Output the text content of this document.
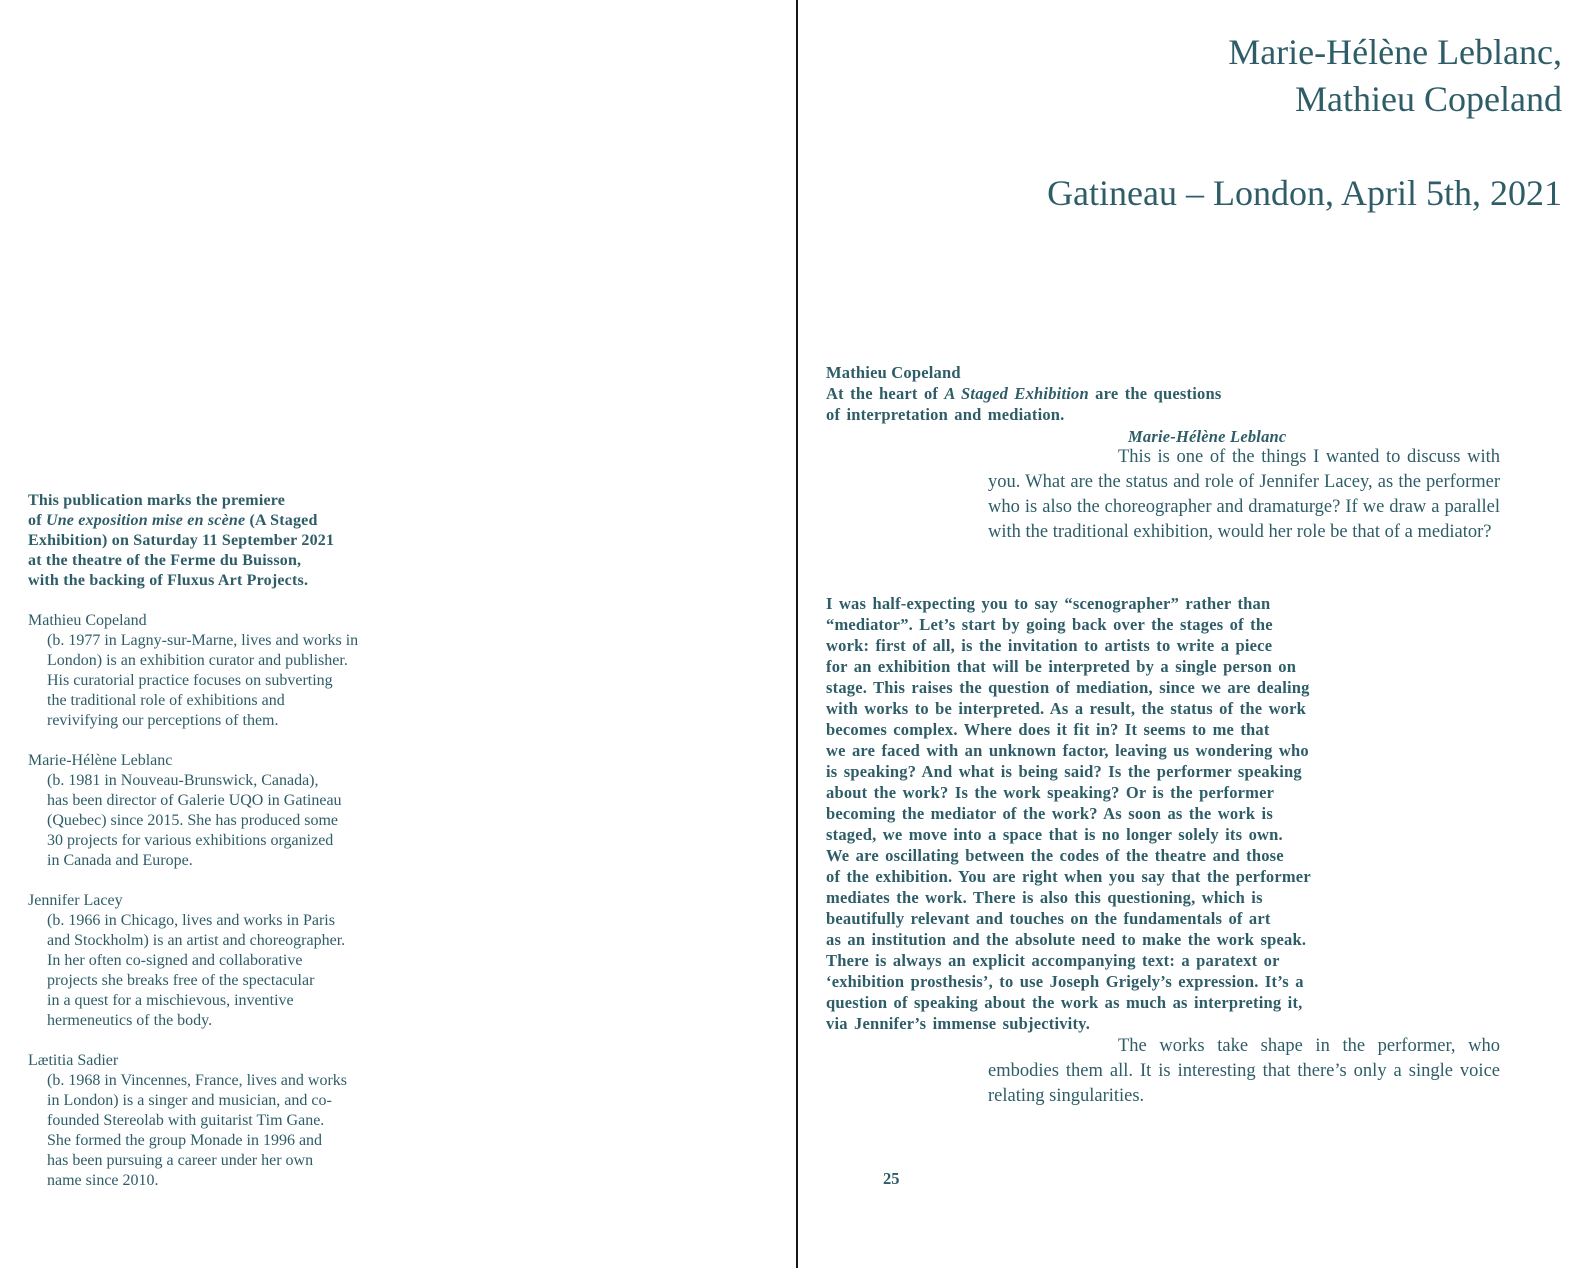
This publication marks the premiere
of Une exposition mise en scène (A Staged
Exhibition) on Saturday 11 September 2021
at the theatre of the Ferme du Buisson,
with the backing of Fluxus Art Projects.

Mathieu Copeland
(b. 1977 in Lagny-sur-Marne, lives and works in
London) is an exhibition curator and publisher.
His curatorial practice focuses on subverting
the traditional role of exhibitions and
revivifying our perceptions of them.
Marie-Hélène Leblanc
(b. 1981 in Nouveau-Brunswick, Canada),
has been director of Galerie UQO in Gatineau
(Quebec) since 2015. She has produced some
30 projects for various exhibitions organized
in Canada and Europe.
Jennifer Lacey
(b. 1966 in Chicago, lives and works in Paris
and Stockholm) is an artist and choreographer.
In her often co-signed and collaborative
projects she breaks free of the spectacular
in a quest for a mischievous, inventive
hermeneutics of the body.
Lætitia Sadier
(b. 1968 in Vincennes, France, lives and works
in London) is a singer and musician, and co-
founded Stereolab with guitarist Tim Gane.
She formed the group Monade in 1996 and
has been pursuing a career under her own
name since 2010.
Marie-Hélène Leblanc,
Mathieu Copeland
Gatineau – London, April 5th, 2021
Mathieu Copeland
At the heart of A Staged Exhibition are the questions
of interpretation and mediation.
Marie-Hélène Leblanc
This is one of the things I wanted to discuss with you. What are the status and role of Jennifer Lacey, as the performer who is also the choreographer and dramaturge? If we draw a parallel with the traditional exhibition, would her role be that of a mediator?
I was half-expecting you to say “scenographer” rather than
“mediator”. Let’s start by going back over the stages of the
work: first of all, is the invitation to artists to write a piece
for an exhibition that will be interpreted by a single person on
stage. This raises the question of mediation, since we are dealing
with works to be interpreted. As a result, the status of the work
becomes complex. Where does it fit in? It seems to me that
we are faced with an unknown factor, leaving us wondering who
is speaking? And what is being said? Is the performer speaking
about the work? Is the work speaking? Or is the performer
becoming the mediator of the work? As soon as the work is
staged, we move into a space that is no longer solely its own.
We are oscillating between the codes of the theatre and those
of the exhibition. You are right when you say that the performer
mediates the work. There is also this questioning, which is
beautifully relevant and touches on the fundamentals of art
as an institution and the absolute need to make the work speak.
There is always an explicit accompanying text: a paratext or
‘exhibition prosthesis’, to use Joseph Grigely’s expression. It’s a
question of speaking about the work as much as interpreting it,
via Jennifer’s immense subjectivity.
The works take shape in the performer, who embodies them all. It is interesting that there’s only a single voice relating singularities.
25
